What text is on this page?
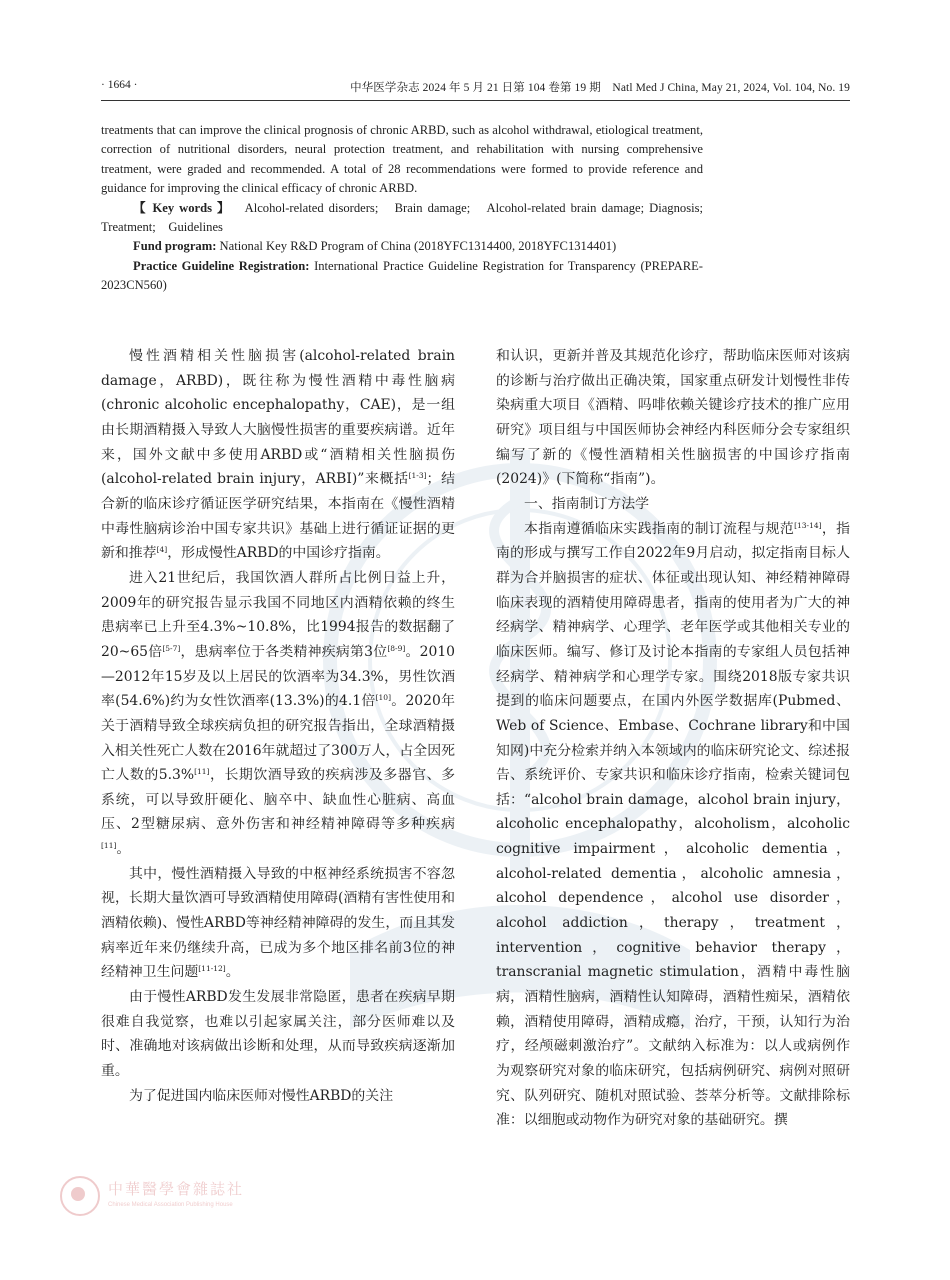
· 1664 ·	中华医学杂志 2024 年 5 月 21 日第 104 卷第 19 期　Natl Med J China, May 21, 2024, Vol. 104, No. 19

treatments that can improve the clinical prognosis of chronic ARBD, such as alcohol withdrawal, etiological treatment, correction of nutritional disorders, neural protection treatment, and rehabilitation with nursing comprehensive treatment, were graded and recommended. A total of 28 recommendations were formed to provide reference and guidance for improving the clinical efficacy of chronic ARBD.

【 Key words 】　 Alcohol-related disorders;　Brain damage;　Alcohol-related brain damage; Diagnosis;　Treatment;　Guidelines

Fund program: National Key R&D Program of China (2018YFC1314400, 2018YFC1314401)

Practice Guideline Registration: International Practice Guideline Registration for Transparency (PREPARE-2023CN560)

慢性酒精相关性脑损害(alcohol-related brain damage，ARBD)，既往称为慢性酒精中毒性脑病(chronic alcoholic encephalopathy，CAE)，是一组由长期酒精摄入导致人大脑慢性损害的重要疾病谱。近年来，国外文献中多使用ARBD或“酒精相关性脑损伤(alcohol-related brain injury，ARBI)”来概括[1-3]；结合新的临床诊疗循证医学研究结果，本指南在《慢性酒精中毒性脑病诊治中国专家共识》基础上进行循证证据的更新和推荐[4]，形成慢性ARBD的中国诊疗指南。

进入21世纪后，我国饮酒人群所占比例日益上升，2009年的研究报告显示我国不同地区内酒精依赖的终生患病率已上升至4.3%~10.8%，比1994报告的数据翻了20~65倍[5-7]，患病率位于各类精神疾病第3位[8-9]。2010—2012年15岁及以上居民的饮酒率为34.3%，男性饮酒率(54.6%)约为女性饮酒率(13.3%)的4.1倍[10]。2020年关于酒精导致全球疾病负担的研究报告指出，全球酒精摄入相关性死亡人数在2016年就超过了300万人，占全因死亡人数的5.3%[11]，长期饮酒导致的疾病涉及多器官、多系统，可以导致肝硬化、脑卒中、缺血性心脏病、高血压、2型糖尿病、意外伤害和神经精神障碍等多种疾病[11]。

其中，慢性酒精摄入导致的中枢神经系统损害不容忽视，长期大量饮酒可导致酒精使用障碍(酒精有害性使用和酒精依赖)、慢性ARBD等神经精神障碍的发生，而且其发病率近年来仍继续升高，已成为多个地区排名前3位的神经精神卫生问题[11-12]。

由于慢性ARBD发生发展非常隐匿，患者在疾病早期很难自我觉察，也难以引起家属关注，部分医师难以及时、准确地对该病做出诊断和处理，从而导致疾病逐渐加重。

为了促进国内临床医师对慢性ARBD的关注

和认识，更新并普及其规范化诊疗，帮助临床医师对该病的诊断与治疗做出正确决策，国家重点研发计划慢性非传染病重大项目《酒精、吗啡依赖关键诊疗技术的推广应用研究》项目组与中国医师协会神经内科医师分会专家组织编写了新的《慢性酒精相关性脑损害的中国诊疗指南(2024)》(下简称“指南”)。

一、指南制订方法学

本指南遵循临床实践指南的制订流程与规范[13-14]，指南的形成与撰写工作自2022年9月启动，拟定指南目标人群为合并脑损害的症状、体征或出现认知、神经精神障碍临床表现的酒精使用障碍患者，指南的使用者为广大的神经病学、精神病学、心理学、老年医学或其他相关专业的临床医师。编写、修订及讨论本指南的专家组人员包括神经病学、精神病学和心理学专家。围绕2018版专家共识提到的临床问题要点，在国内外医学数据库(Pubmed、Web of Science、Embase、Cochrane library和中国知网)中充分检索并纳入本领域内的临床研究论文、综述报告、系统评价、专家共识和临床诊疗指南，检索关键词包括：“alcohol brain damage，alcohol brain injury，alcoholic encephalopathy，alcoholism，alcoholic cognitive impairment，alcoholic dementia，alcohol-related dementia，alcoholic amnesia，alcohol dependence，alcohol use disorder，alcohol addiction，therapy，treatment，intervention，cognitive behavior therapy，transcranial magnetic stimulation，酒精中毒性脑病，酒精性脑病，酒精性认知障碍，酒精性痴呆，酒精依赖，酒精使用障碍，酒精成瘾，治疗，干预，认知行为治疗，经颅磁刺激治疗”。文献纳入标准为：以人或病例作为观察研究对象的临床研究，包括病例研究、病例对照研究、队列研究、随机对照试验、荟萃分析等。文献排除标准：以细胞或动物作为研究对象的基础研究。撰

中華醫學會雜誌社
Chinese Medical Association Publishing House
